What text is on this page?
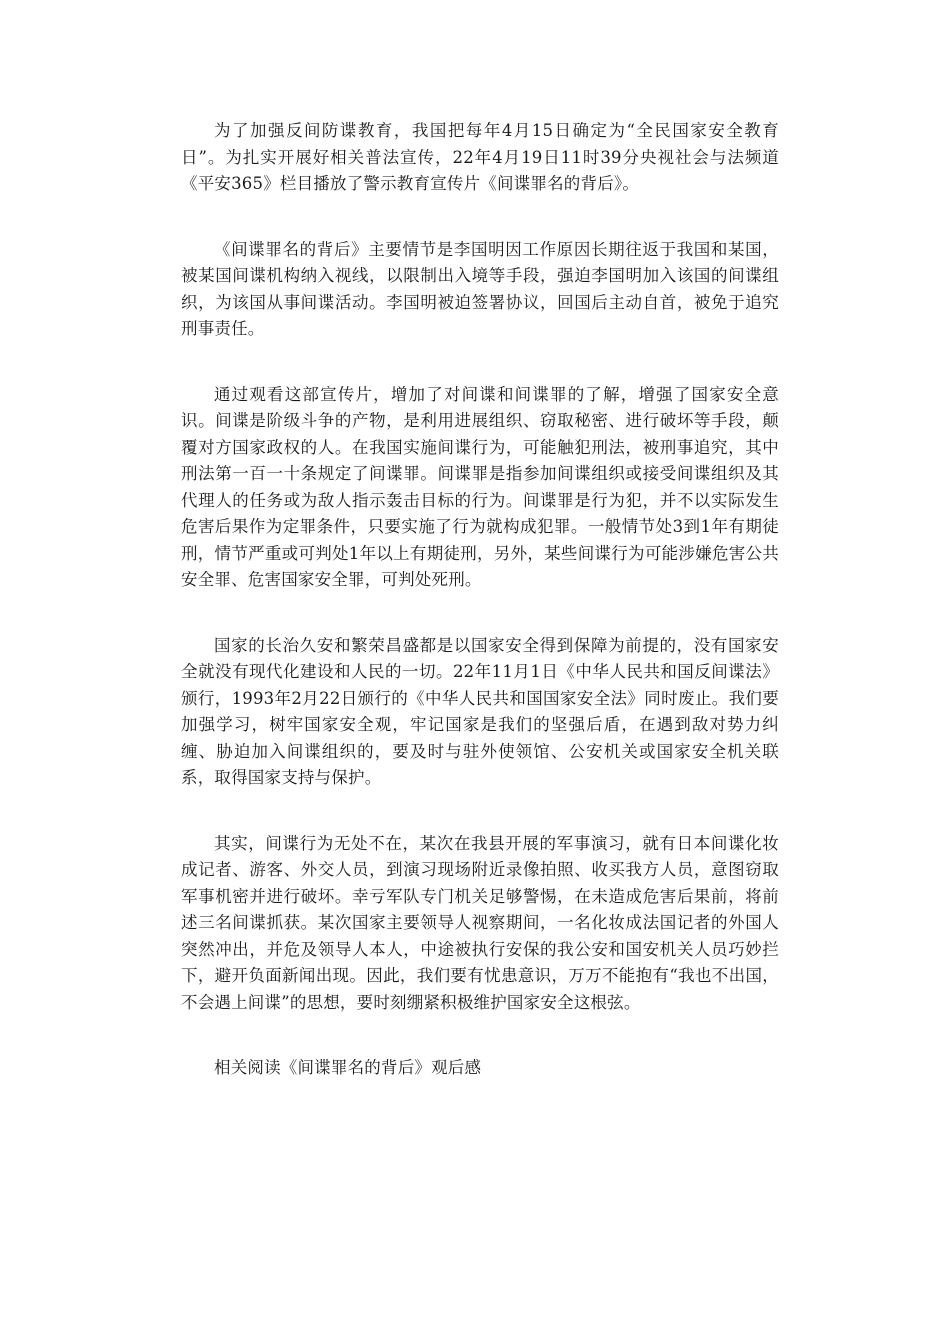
为了加强反间防谍教育，我国把每年4月15日确定为“全民国家安全教育日”。为扎实开展好相关普法宣传，22年4月19日11时39分央视社会与法频道《平安365》栏目播放了警示教育宣传片《间谍罪名的背后》。

《间谍罪名的背后》主要情节是李国明因工作原因长期往返于我国和某国，被某国间谍机构纳入视线，以限制出入境等手段，强迫李国明加入该国的间谍组织，为该国从事间谍活动。李国明被迫签署协议，回国后主动自首，被免于追究刑事责任。

通过观看这部宣传片，增加了对间谍和间谍罪的了解，增强了国家安全意识。间谍是阶级斗争的产物，是利用进展组织、窃取秘密、进行破坏等手段，颠覆对方国家政权的人。在我国实施间谍行为，可能触犯刑法，被刑事追究，其中刑法第一百一十条规定了间谍罪。间谍罪是指参加间谍组织或接受间谍组织及其代理人的任务或为敌人指示轰击目标的行为。间谍罪是行为犯，并不以实际发生危害后果作为定罪条件，只要实施了行为就构成犯罪。一般情节处3到1年有期徒刑，情节严重或可判处1年以上有期徒刑，另外，某些间谍行为可能涉嫌危害公共安全罪、危害国家安全罪，可判处死刑。

国家的长治久安和繁荣昌盛都是以国家安全得到保障为前提的，没有国家安全就没有现代化建设和人民的一切。22年11月1日《中华人民共和国反间谍法》颁行，1993年2月22日颁行的《中华人民共和国国家安全法》同时废止。我们要加强学习，树牢国家安全观，牢记国家是我们的坚强后盾，在遇到敌对势力纠缠、胁迫加入间谍组织的，要及时与驻外使领馆、公安机关或国家安全机关联系，取得国家支持与保护。

其实，间谍行为无处不在，某次在我县开展的军事演习，就有日本间谍化妆成记者、游客、外交人员，到演习现场附近录像拍照、收买我方人员，意图窃取军事机密并进行破坏。幸亏军队专门机关足够警惕，在未造成危害后果前，将前述三名间谍抓获。某次国家主要领导人视察期间，一名化妆成法国记者的外国人突然冲出，并危及领导人本人，中途被执行安保的我公安和国安机关人员巧妙拦下，避开负面新闻出现。因此，我们要有忧患意识，万万不能抱有“我也不出国，不会遇上间谍”的思想，要时刻绷紧积极维护国家安全这根弦。

相关阅读《间谍罪名的背后》观后感
